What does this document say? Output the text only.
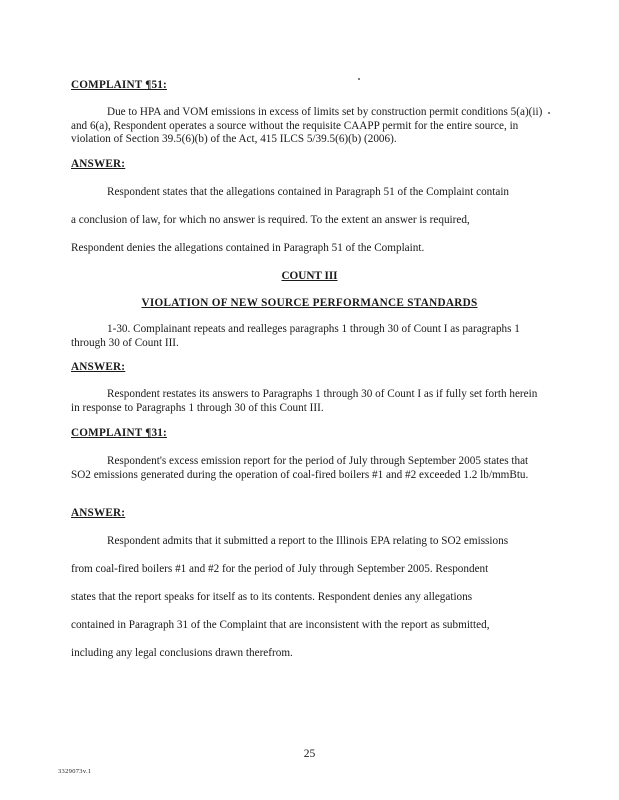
COMPLAINT ¶51:

Due to HPA and VOM emissions in excess of limits set by construction permit conditions 5(a)(ii) and 6(a), Respondent operates a source without the requisite CAAPP permit for the entire source, in violation of Section 39.5(6)(b) of the Act, 415 ILCS 5/39.5(6)(b) (2006).

ANSWER:
Respondent states that the allegations contained in Paragraph 51 of the Complaint contain
a conclusion of law, for which no answer is required. To the extent an answer is required,
Respondent denies the allegations contained in Paragraph 51 of the Complaint.
COUNT III
VIOLATION OF NEW SOURCE PERFORMANCE STANDARDS

1-30. Complainant repeats and realleges paragraphs 1 through 30 of Count I as paragraphs 1 through 30 of Count III.

ANSWER:

Respondent restates its answers to Paragraphs 1 through 30 of Count I as if fully set forth herein in response to Paragraphs 1 through 30 of this Count III.

COMPLAINT ¶31:

Respondent's excess emission report for the period of July through September 2005 states that SO2 emissions generated during the operation of coal-fired boilers #1 and #2 exceeded 1.2 lb/mmBtu.

ANSWER:
Respondent admits that it submitted a report to the Illinois EPA relating to SO2 emissions
from coal-fired boilers #1 and #2 for the period of July through September 2005. Respondent
states that the report speaks for itself as to its contents. Respondent denies any allegations
contained in Paragraph 31 of the Complaint that are inconsistent with the report as submitted,
including any legal conclusions drawn therefrom.
25
3329073v.1
